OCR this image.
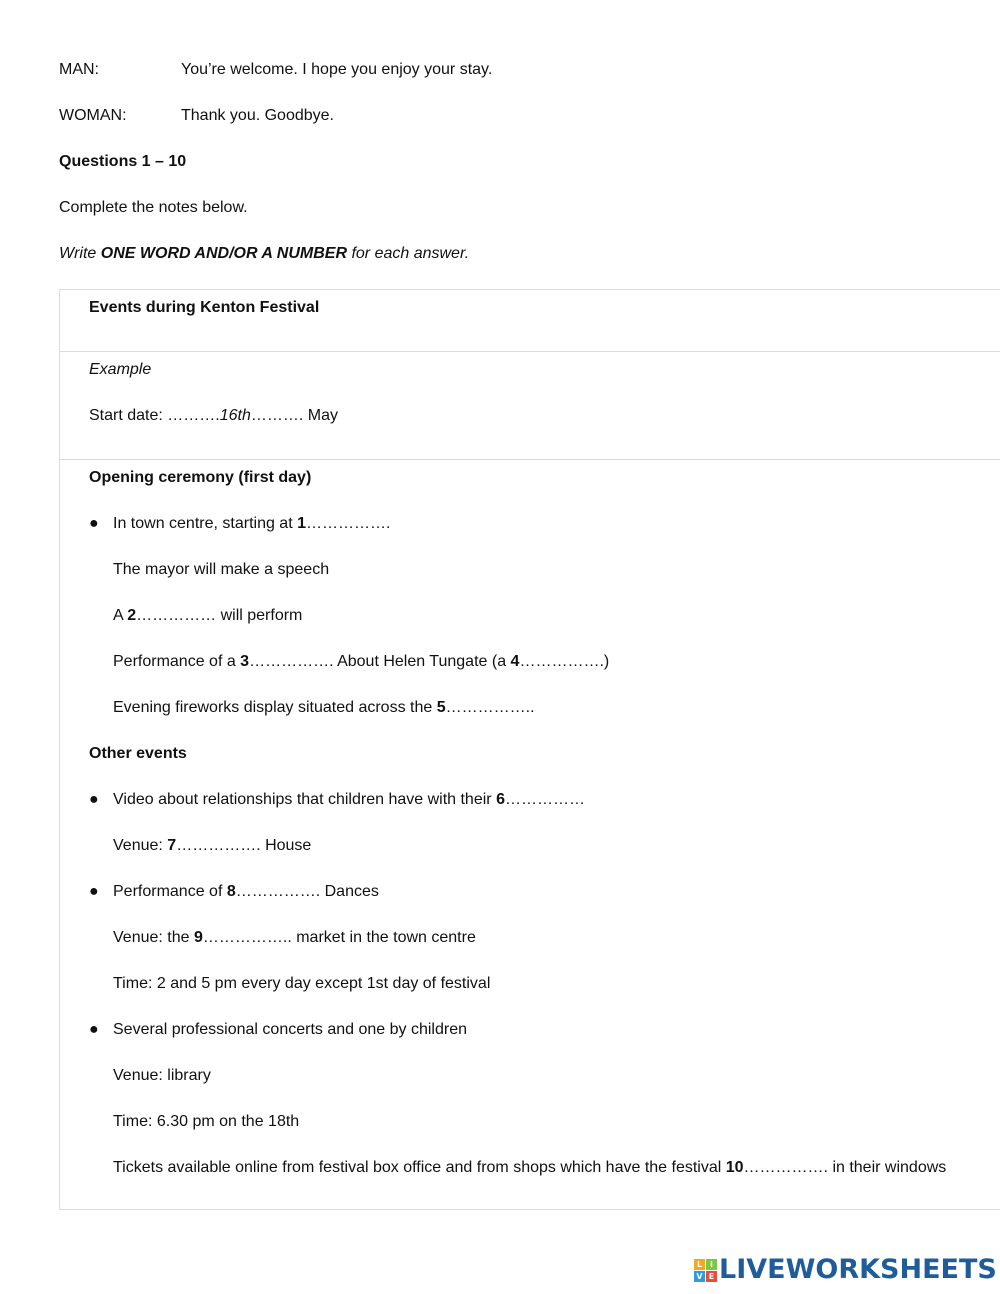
MAN:	You’re welcome. I hope you enjoy your stay.
WOMAN:	Thank you. Goodbye.
Questions 1 – 10
Complete the notes below.
Write ONE WORD AND/OR A NUMBER for each answer.
Events during Kenton Festival
Example
Start date: ……….16th………. May
Opening ceremony (first day)
● In town centre, starting at 1…………….
The mayor will make a speech
A 2…………… will perform
Performance of a 3……………. About Helen Tungate (a 4…………….)
Evening fireworks display situated across the 5……………..
Other events
● Video about relationships that children have with their 6……………
Venue: 7……………. House
● Performance of 8……………. Dances
Venue: the 9…………….. market in the town centre
Time: 2 and 5 pm every day except 1st day of festival
● Several professional concerts and one by children
Venue: library
Time: 6.30 pm on the 18th
Tickets available online from festival box office and from shops which have the festival 10……………. in their windows
L	i
V E LIVEWORKSHEETS
